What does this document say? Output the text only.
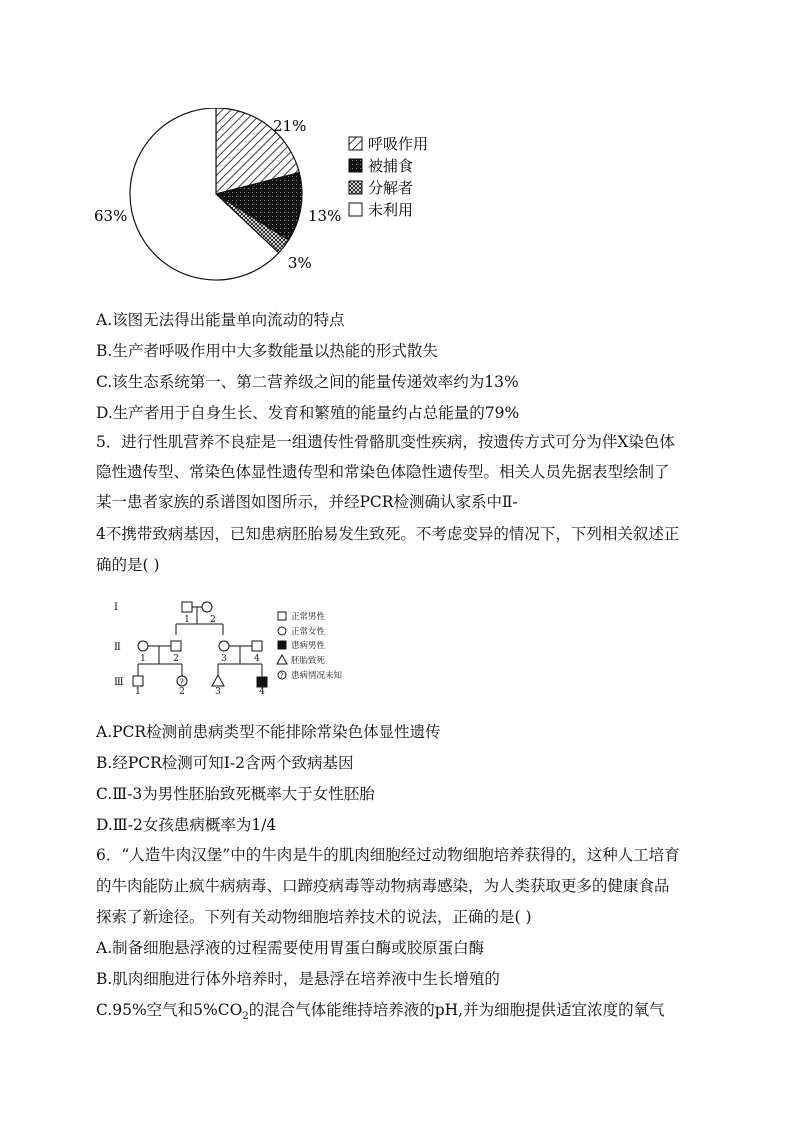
21%
13%
3%
63%
呼吸作用
被捕食
分解者
未利用
A.该图无法得出能量单向流动的特点
B.生产者呼吸作用中大多数能量以热能的形式散失
C.该生态系统第一、第二营养级之间的能量传递效率约为13%
D.生产者用于自身生长、发育和繁殖的能量约占总能量的79%
5．进行性肌营养不良症是一组遗传性骨骼肌变性疾病，按遗传方式可分为伴X染色体
隐性遗传型、常染色体显性遗传型和常染色体隐性遗传型。相关人员先据表型绘制了
某一患者家族的系谱图如图所示，并经PCR检测确认家系中Ⅱ-
4不携带致病基因，已知患病胚胎易发生致死。不考虑变异的情况下，下列相关叙述正
确的是( )
Ⅰ
Ⅱ
Ⅲ	?
1 2
1	2	3	4
1	2	3	4
?
正常男性
正常女性
患病男性
胚胎致死
患病情况未知
A.PCR检测前患病类型不能排除常染色体显性遗传
B.经PCR检测可知Ⅰ-2含两个致病基因
C.Ⅲ-3为男性胚胎致死概率大于女性胚胎
D.Ⅲ-2女孩患病概率为1/4
6．“人造牛肉汉堡”中的牛肉是牛的肌肉细胞经过动物细胞培养获得的，这种人工培育
的牛肉能防止疯牛病病毒、口蹄疫病毒等动物病毒感染，为人类获取更多的健康食品
探索了新途径。下列有关动物细胞培养技术的说法，正确的是( )
A.制备细胞悬浮液的过程需要使用胃蛋白酶或胶原蛋白酶
B.肌肉细胞进行体外培养时，是悬浮在培养液中生长增殖的
C.95%空气和$5\%CO_2$的混合气体能维持培养液的pH,并为细胞提供适宜浓度的氧气
